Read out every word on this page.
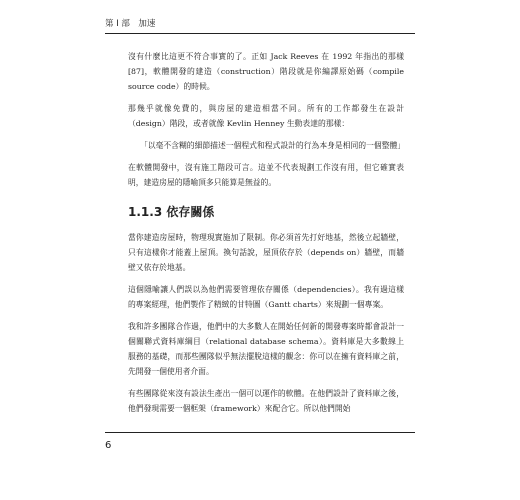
第 I 部　加速

沒有什麼比這更不符合事實的了。正如 Jack Reeves 在 1992 年指出的那樣 [87]，軟體開發的建造（construction）階段就是你編譯原始碼（compile source code）的時候。

那幾乎就像免費的，與房屋的建造相當不同。所有的工作都發生在設計（design）階段，或者就像 Kevlin Henney 生動表達的那樣：

「以毫不含糊的細節描述一個程式和程式設計的行為本身是相同的一個整體」

在軟體開發中，沒有施工階段可言。這並不代表規劃工作沒有用，但它確實表明，建造房屋的隱喻頂多只能算是無益的。

1.1.3 依存關係

當你建造房屋時，物理現實施加了限制。你必須首先打好地基，然後立起牆壁，只有這樣你才能蓋上屋頂。換句話說，屋頂依存於（depends on）牆壁，而牆壁又依存於地基。

這個隱喻讓人們誤以為他們需要管理依存關係（dependencies）。我有過這樣的專案經理，他們製作了精緻的甘特圖（Gantt charts）來規劃一個專案。

我和許多團隊合作過，他們中的大多數人在開始任何新的開發專案時都會設計一個關聯式資料庫綱目（relational database schema）。資料庫是大多數線上服務的基礎，而那些團隊似乎無法擺脫這樣的觀念：你可以在擁有資料庫之前，先開發一個使用者介面。

有些團隊從來沒有設法生產出一個可以運作的軟體。在他們設計了資料庫之後，他們發現需要一個框架（framework）來配合它。所以他們開始

6
